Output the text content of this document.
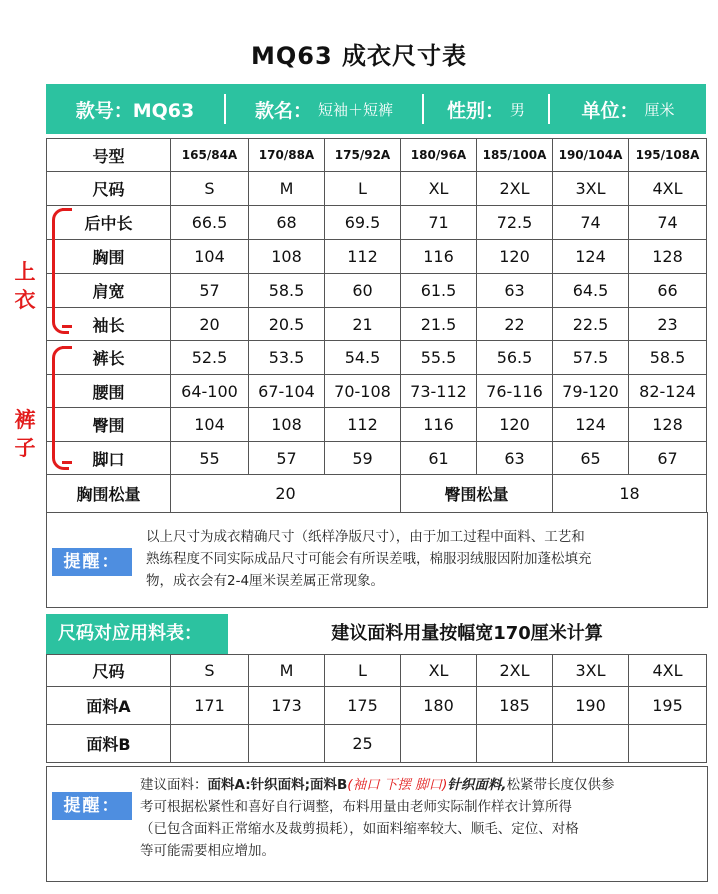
MQ63 成衣尺寸表
款号：MQ63	款名： 短袖＋短裤	性别： 男	单位： 厘米
号型	165/84A	170/88A	175/92A	180/96A	185/100A	190/104A	195/108A
尺码	S	M	L	XL	2XL	3XL	4XL
后中长	66.5	68	69.5	71	72.5	74	74
胸围	104	108	112	116	120	124	128
肩宽	57	58.5	60	61.5	63	64.5	66
袖长	20	20.5	21	21.5	22	22.5	23
裤长	52.5	53.5	54.5	55.5	56.5	57.5	58.5
腰围	64-100	67-104	70-108	73-112	76-116	79-120	82-124
臀围	104	108	112	116	120	124	128
脚口	55	57	59	61	63	65	67
胸围松量	20			臀围松量		18	
上衣
裤子
提醒：
以上尺寸为成衣精确尺寸（纸样净版尺寸），由于加工过程中面料、工艺和
熟练程度不同实际成品尺寸可能会有所误差哦，棉服羽绒服因附加蓬松填充
物，成衣会有2-4厘米误差属正常现象。
尺码对应用料表：	建议面料用量按幅宽170厘米计算
尺码	S	M	L	XL	2XL	3XL	4XL
面料A	171	173	175	180	185	190	195
面料B			25				
提醒：
建议面料：面料A:针织面料;面料B(袖口 下摆 脚口)针织面料,松紧带长度仅供参
考可根据松紧性和喜好自行调整，布料用量由老师实际制作样衣计算所得
（已包含面料正常缩水及裁剪损耗），如面料缩率较大、顺毛、定位、对格
等可能需要相应增加。
